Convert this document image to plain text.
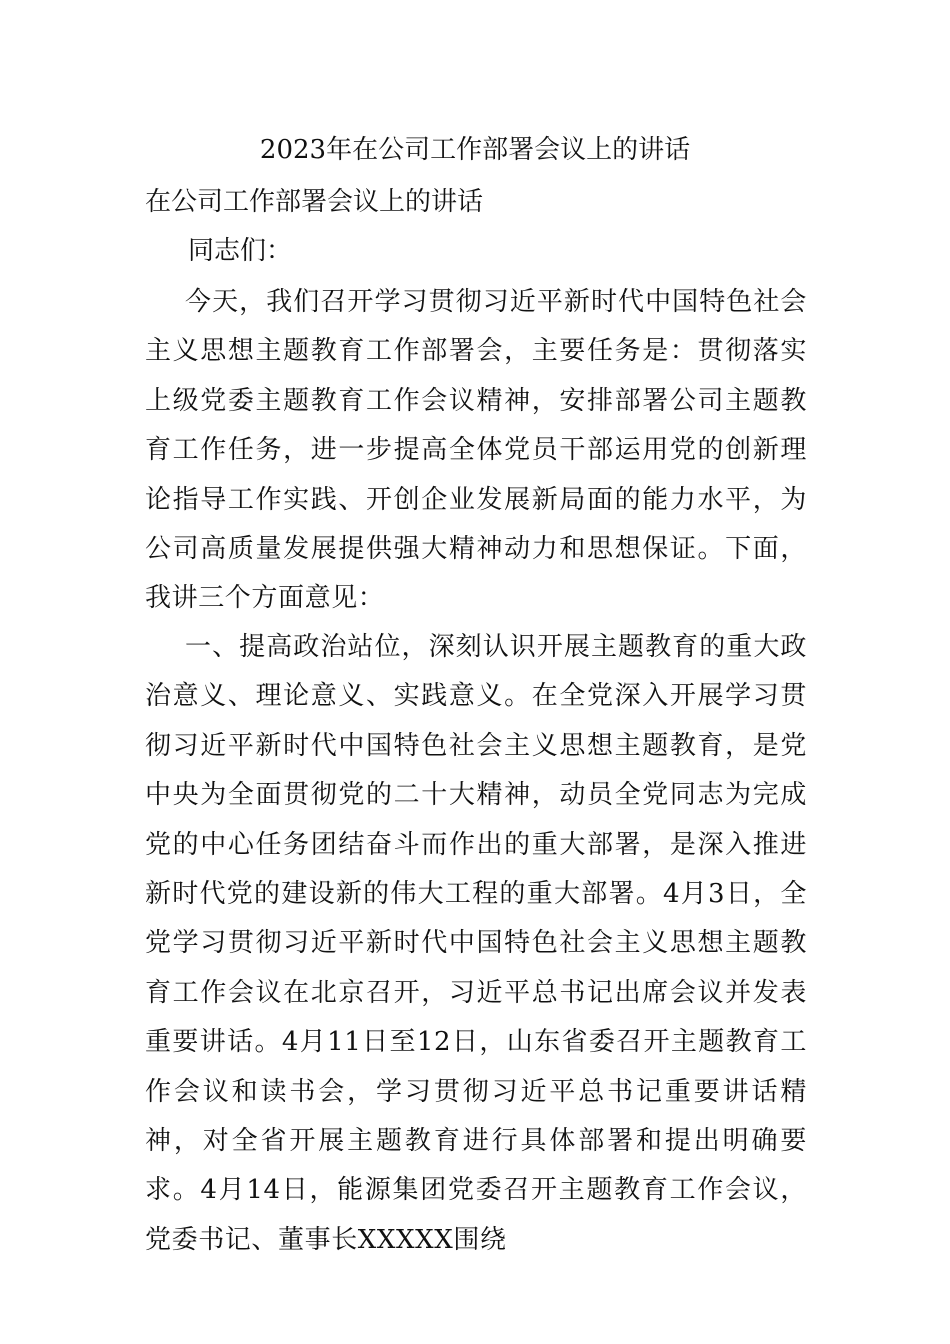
2023年在公司工作部署会议上的讲话
在公司工作部署会议上的讲话
同志们：
今天，我们召开学习贯彻习近平新时代中国特色社会主义思想主题教育工作部署会，主要任务是：贯彻落实上级党委主题教育工作会议精神，安排部署公司主题教育工作任务，进一步提高全体党员干部运用党的创新理论指导工作实践、开创企业发展新局面的能力水平，为公司高质量发展提供强大精神动力和思想保证。下面，我讲三个方面意见：
一、提高政治站位，深刻认识开展主题教育的重大政治意义、理论意义、实践意义。在全党深入开展学习贯彻习近平新时代中国特色社会主义思想主题教育，是党中央为全面贯彻党的二十大精神，动员全党同志为完成党的中心任务团结奋斗而作出的重大部署，是深入推进新时代党的建设新的伟大工程的重大部署。4月3日，全党学习贯彻习近平新时代中国特色社会主义思想主题教育工作会议在北京召开，习近平总书记出席会议并发表重要讲话。4月11日至12日，山东省委召开主题教育工作会议和读书会，学习贯彻习近平总书记重要讲话精神，对全省开展主题教育进行具体部署和提出明确要求。4月14日，能源集团党委召开主题教育工作会议，党委书记、董事长XXXXX围绕
